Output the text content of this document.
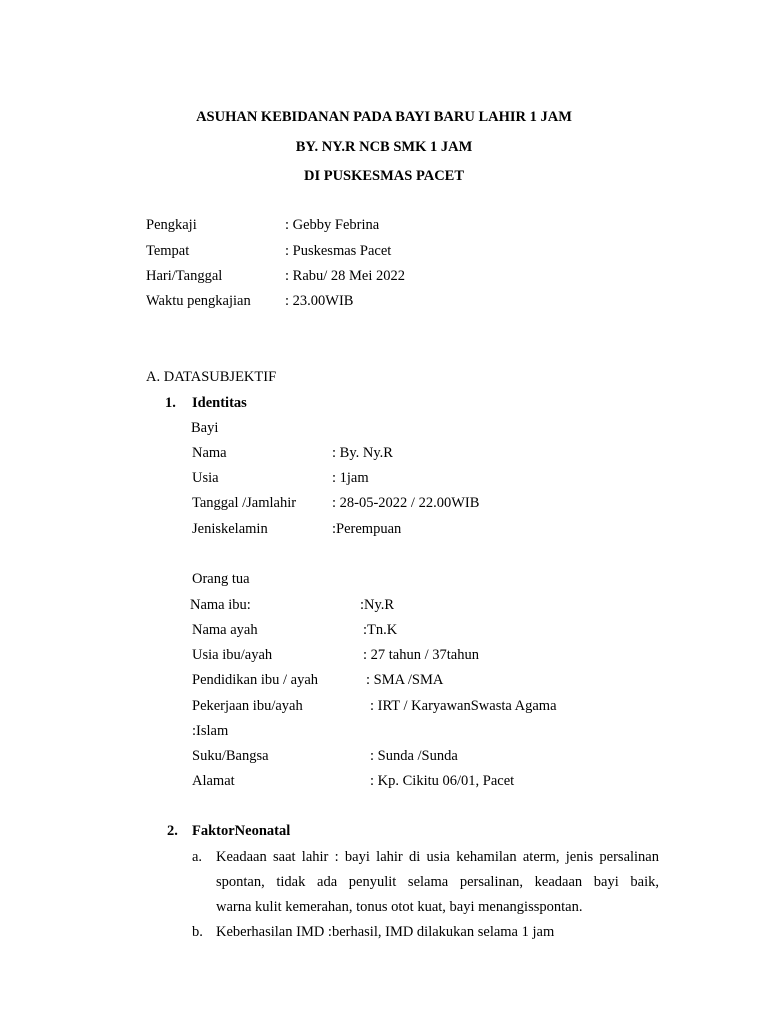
ASUHAN KEBIDANAN PADA BAYI BARU LAHIR 1 JAM
BY. NY.R NCB SMK 1 JAM
DI PUSKESMAS PACET
Pengkaji	: Gebby Febrina
Tempat	: Puskesmas Pacet
Hari/Tanggal	: Rabu/ 28 Mei 2022
Waktu pengkajian : 23.00WIB
A. DATASUBJEKTIF
1. Identitas
Bayi
Nama	: By. Ny.R
Usia	: 1jam
Tanggal /Jamlahir : 28-05-2022 / 22.00WIB
Jeniskelamin	:Perempuan
Orang tua
Nama ibu:	:Ny.R
Nama ayah	:Tn.K
Usia ibu/ayah	: 27 tahun / 37tahun
Pendidikan ibu / ayah	: SMA /SMA
Pekerjaan ibu/ayah	: IRT / KaryawanSwasta Agama
:Islam
Suku/Bangsa	: Sunda /Sunda
Alamat	: Kp. Cikitu 06/01, Pacet
2. FaktorNeonatal
a. Keadaan saat lahir : bayi lahir di usia kehamilan aterm, jenis persalinan
spontan, tidak ada penyulit selama persalinan, keadaan bayi baik,
warna kulit kemerahan, tonus otot kuat, bayi menangisspontan.
b. Keberhasilan IMD :berhasil, IMD dilakukan selama 1 jam
